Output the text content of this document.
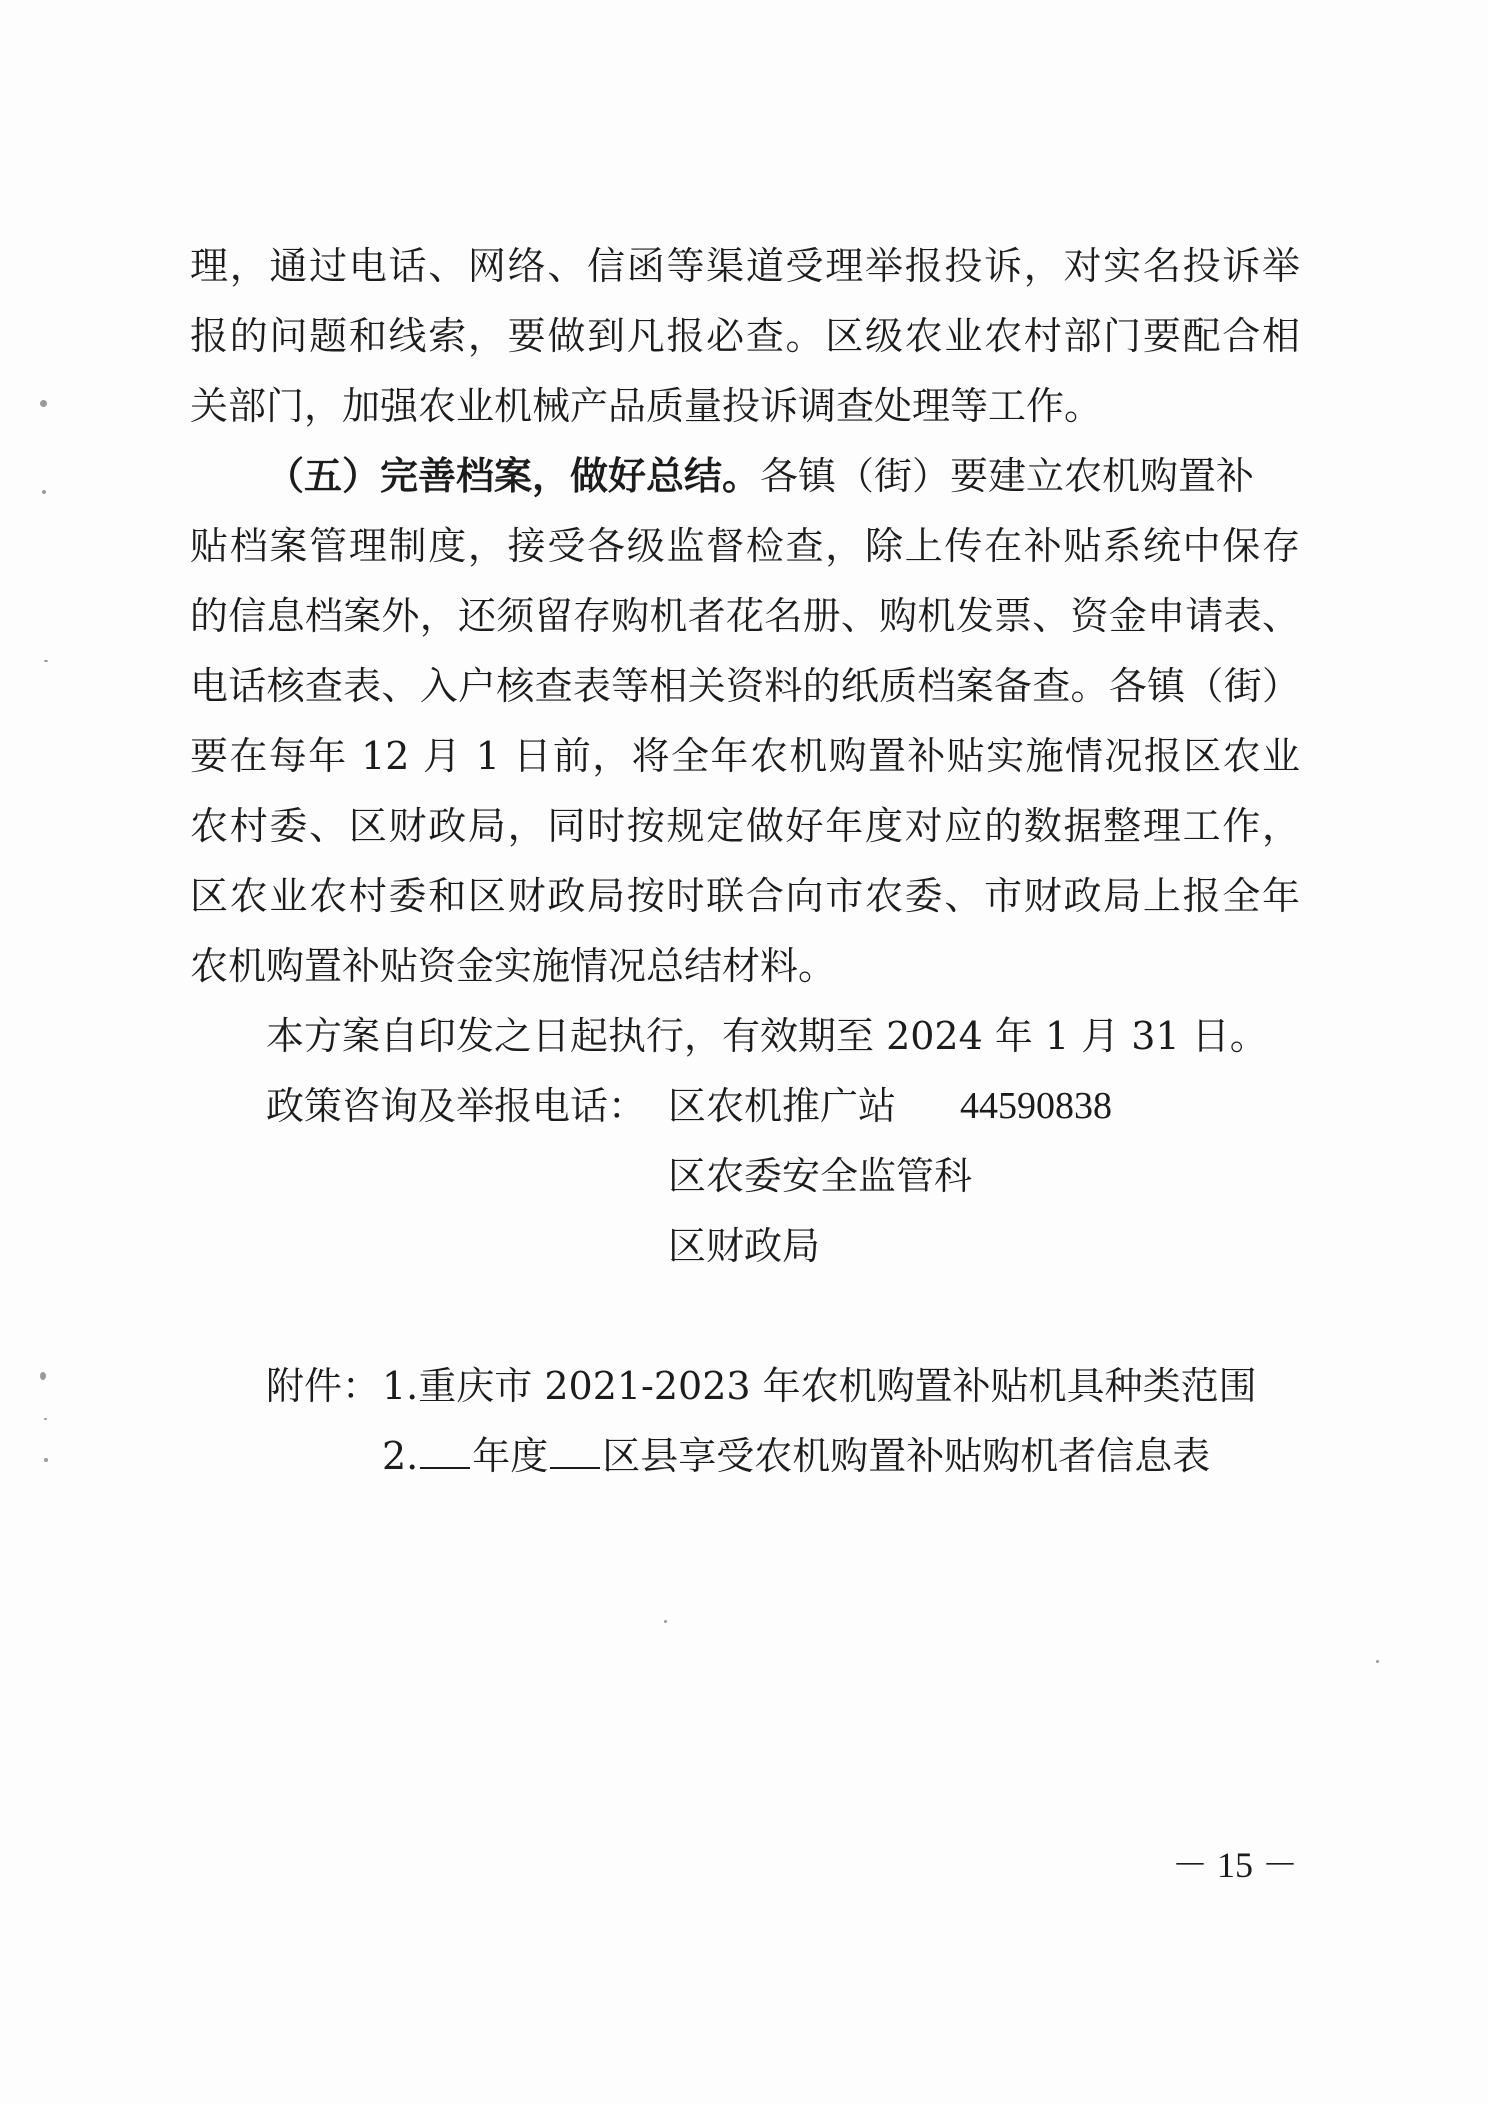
理，通过电话、网络、信函等渠道受理举报投诉，对实名投诉举
报的问题和线索，要做到凡报必查。区级农业农村部门要配合相
关部门，加强农业机械产品质量投诉调查处理等工作。
（五）完善档案，做好总结。各镇（街）要建立农机购置补
贴档案管理制度，接受各级监督检查，除上传在补贴系统中保存
的信息档案外，还须留存购机者花名册、购机发票、资金申请表、
电话核查表、入户核查表等相关资料的纸质档案备查。各镇（街）
要在每年 12 月 1 日前，将全年农机购置补贴实施情况报区农业
农村委、区财政局，同时按规定做好年度对应的数据整理工作，
区农业农村委和区财政局按时联合向市农委、市财政局上报全年
农机购置补贴资金实施情况总结材料。
本方案自印发之日起执行，有效期至 2024 年 1 月 31 日。
政策咨询及举报电话： 区农机推广站	44590838
区农委安全监管科
区财政局
附件： 1.重庆市 2021-2023 年农机购置补贴机具种类范围
2. 年度 区县享受农机购置补贴购机者信息表
－ 15 －
